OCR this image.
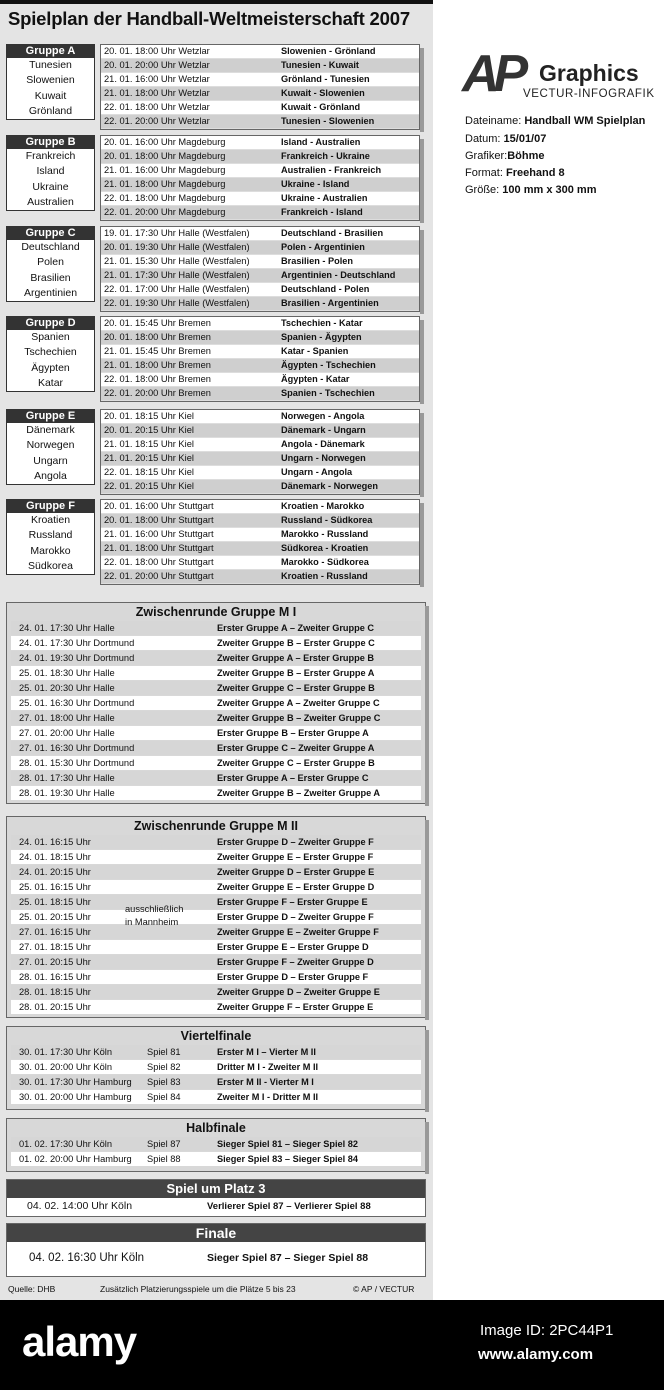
Spielplan der Handball-Weltmeisterschaft 2007
Gruppe A
Tunesien
Slowenien
Kuwait
Grönland
20. 01. 18:00 Uhr Wetzlar	Slowenien - Grönland
20. 01. 20:00 Uhr Wetzlar	Tunesien - Kuwait
21. 01. 16:00 Uhr Wetzlar	Grönland - Tunesien
21. 01. 18:00 Uhr Wetzlar	Kuwait - Slowenien
22. 01. 18:00 Uhr Wetzlar	Kuwait - Grönland
22. 01. 20:00 Uhr Wetzlar	Tunesien - Slowenien
Gruppe B
Frankreich
Island
Ukraine
Australien
20. 01. 16:00 Uhr Magdeburg	Island - Australien
20. 01. 18:00 Uhr Magdeburg	Frankreich - Ukraine
21. 01. 16:00 Uhr Magdeburg	Australien - Frankreich
21. 01. 18:00 Uhr Magdeburg	Ukraine - Island
22. 01. 18:00 Uhr Magdeburg	Ukraine - Australien
22. 01. 20:00 Uhr Magdeburg	Frankreich - Island
Gruppe C
Deutschland
Polen
Brasilien
Argentinien
19. 01. 17:30 Uhr Halle (Westfalen)	Deutschland - Brasilien
20. 01. 19:30 Uhr Halle (Westfalen)	Polen - Argentinien
21. 01. 15:30 Uhr Halle (Westfalen)	Brasilien - Polen
21. 01. 17:30 Uhr Halle (Westfalen)	Argentinien - Deutschland
22. 01. 17:00 Uhr Halle (Westfalen)	Deutschland - Polen
22. 01. 19:30 Uhr Halle (Westfalen)	Brasilien - Argentinien
Gruppe D
Spanien
Tschechien
Ägypten
Katar
20. 01. 15:45 Uhr Bremen	Tschechien - Katar
20. 01. 18:00 Uhr Bremen	Spanien - Ägypten
21. 01. 15:45 Uhr Bremen	Katar - Spanien
21. 01. 18:00 Uhr Bremen	Ägypten - Tschechien
22. 01. 18:00 Uhr Bremen	Ägypten - Katar
22. 01. 20:00 Uhr Bremen	Spanien - Tschechien
Gruppe E
Dänemark
Norwegen
Ungarn
Angola
20. 01. 18:15 Uhr Kiel	Norwegen - Angola
20. 01. 20:15 Uhr Kiel	Dänemark - Ungarn
21. 01. 18:15 Uhr Kiel	Angola - Dänemark
21. 01. 20:15 Uhr Kiel	Ungarn - Norwegen
22. 01. 18:15 Uhr Kiel	Ungarn - Angola
22. 01. 20:15 Uhr Kiel	Dänemark - Norwegen
Gruppe F
Kroatien
Russland
Marokko
Südkorea
20. 01. 16:00 Uhr Stuttgart	Kroatien - Marokko
20. 01. 18:00 Uhr Stuttgart	Russland - Südkorea
21. 01. 16:00 Uhr Stuttgart	Marokko - Russland
21. 01. 18:00 Uhr Stuttgart	Südkorea - Kroatien
22. 01. 18:00 Uhr Stuttgart	Marokko - Südkorea
22. 01. 20:00 Uhr Stuttgart	Kroatien - Russland
Zwischenrunde Gruppe M I
24. 01. 17:30 Uhr Halle	Erster Gruppe A – Zweiter Gruppe C
24. 01. 17:30 Uhr Dortmund	Zweiter Gruppe B – Erster Gruppe C
24. 01. 19:30 Uhr Dortmund	Zweiter Gruppe A – Erster Gruppe B
25. 01. 18:30 Uhr Halle	Zweiter Gruppe B – Erster Gruppe A
25. 01. 20:30 Uhr Halle	Zweiter Gruppe C – Erster Gruppe B
25. 01. 16:30 Uhr Dortmund	Zweiter Gruppe A – Zweiter Gruppe C
27. 01. 18:00 Uhr Halle	Zweiter Gruppe B – Zweiter Gruppe C
27. 01. 20:00 Uhr Halle	Erster Gruppe B – Erster Gruppe A
27. 01. 16:30 Uhr Dortmund	Erster Gruppe C – Zweiter Gruppe A
28. 01. 15:30 Uhr Dortmund	Zweiter Gruppe C – Erster Gruppe B
28. 01. 17:30 Uhr Halle	Erster Gruppe A – Erster Gruppe C
28. 01. 19:30 Uhr Halle	Zweiter Gruppe B – Zweiter Gruppe A
Zwischenrunde Gruppe M II
24. 01. 16:15 Uhr	Erster Gruppe D – Zweiter Gruppe F
24. 01. 18:15 Uhr	Zweiter Gruppe E – Erster Gruppe F
24. 01. 20:15 Uhr	Zweiter Gruppe D – Erster Gruppe E
25. 01. 16:15 Uhr	Zweiter Gruppe E – Erster Gruppe D
25. 01. 18:15 Uhr	Erster Gruppe F – Erster Gruppe E
25. 01. 20:15 Uhr	Erster Gruppe D – Zweiter Gruppe F
27. 01. 16:15 Uhr	Zweiter Gruppe E – Zweiter Gruppe F
27. 01. 18:15 Uhr	Erster Gruppe E – Erster Gruppe D
27. 01. 20:15 Uhr	Erster Gruppe F – Zweiter Gruppe D
28. 01. 16:15 Uhr	Erster Gruppe D – Erster Gruppe F
28. 01. 18:15 Uhr	Zweiter Gruppe D – Zweiter Gruppe E
28. 01. 20:15 Uhr	Zweiter Gruppe F – Erster Gruppe E
ausschließlich
in Mannheim
Viertelfinale
30. 01. 17:30 Uhr Köln	Spiel 81	Erster M I – Vierter M II
30. 01. 20:00 Uhr Köln	Spiel 82	Dritter M I - Zweiter M II
30. 01. 17:30 Uhr Hamburg Spiel 83	Erster M II - Vierter M I
30. 01. 20:00 Uhr Hamburg Spiel 84	Zweiter M I - Dritter M II
Halbfinale
01. 02. 17:30 Uhr Köln	Spiel 87	Sieger Spiel 81 – Sieger Spiel 82
01. 02. 20:00 Uhr Hamburg Spiel 88	Sieger Spiel 83 – Sieger Spiel 84
Spiel um Platz 3
04. 02. 14:00 Uhr Köln	Verlierer Spiel 87 – Verlierer Spiel 88
Finale
04. 02. 16:30 Uhr Köln	Sieger Spiel 87 – Sieger Spiel 88
Quelle: DHB	Zusätzlich Platzierungsspiele um die Plätze 5 bis 23	© AP / VECTUR
AP Graphics
VECTUR-INFOGRAFIK
Dateiname: Handball WM Spielplan
Datum: 15/01/07
Grafiker:Böhme
Format: Freehand 8
Größe: 100 mm x 300 mm
alamy	Image ID: 2PC44P1
www.alamy.com
